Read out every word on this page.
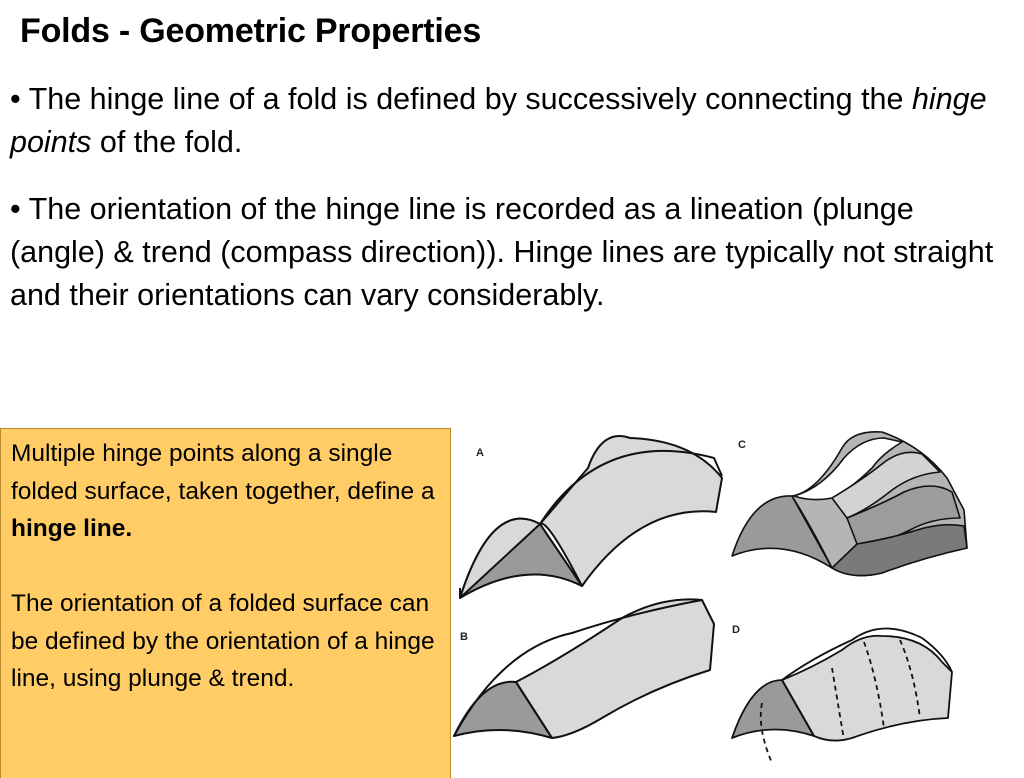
Folds - Geometric Properties
• The hinge line of a fold is defined by successively connecting the hinge points of the fold.
• The orientation of the hinge line is recorded as a lineation (plunge (angle) & trend (compass direction)). Hinge lines are typically not straight and their orientations can vary considerably.

Multiple hinge points along a single folded surface, taken together, define a hinge line.

The orientation of a folded surface can be defined by the orientation of a hinge line, using plunge & trend.

A
C
B
D
